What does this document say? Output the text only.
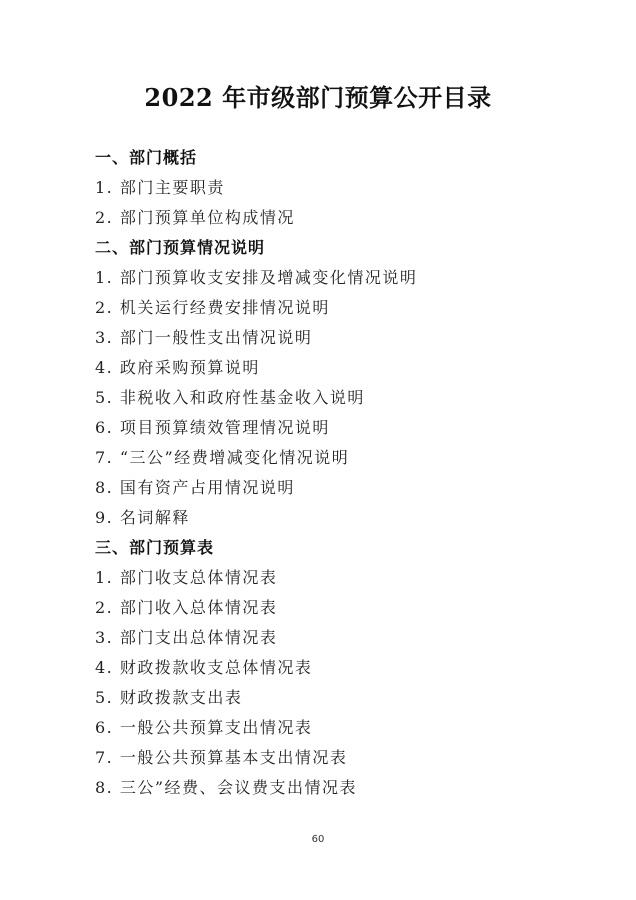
2022 年市级部门预算公开目录
一、部门概括
1. 部门主要职责
2. 部门预算单位构成情况
二、部门预算情况说明
1. 部门预算收支安排及增减变化情况说明
2. 机关运行经费安排情况说明
3. 部门一般性支出情况说明
4. 政府采购预算说明
5. 非税收入和政府性基金收入说明
6. 项目预算绩效管理情况说明
7. “三公”经费增减变化情况说明
8. 国有资产占用情况说明
9. 名词解释
三、部门预算表
1. 部门收支总体情况表
2. 部门收入总体情况表
3. 部门支出总体情况表
4. 财政拨款收支总体情况表
5. 财政拨款支出表
6. 一般公共预算支出情况表
7. 一般公共预算基本支出情况表
8. 三公”经费、会议费支出情况表
60
